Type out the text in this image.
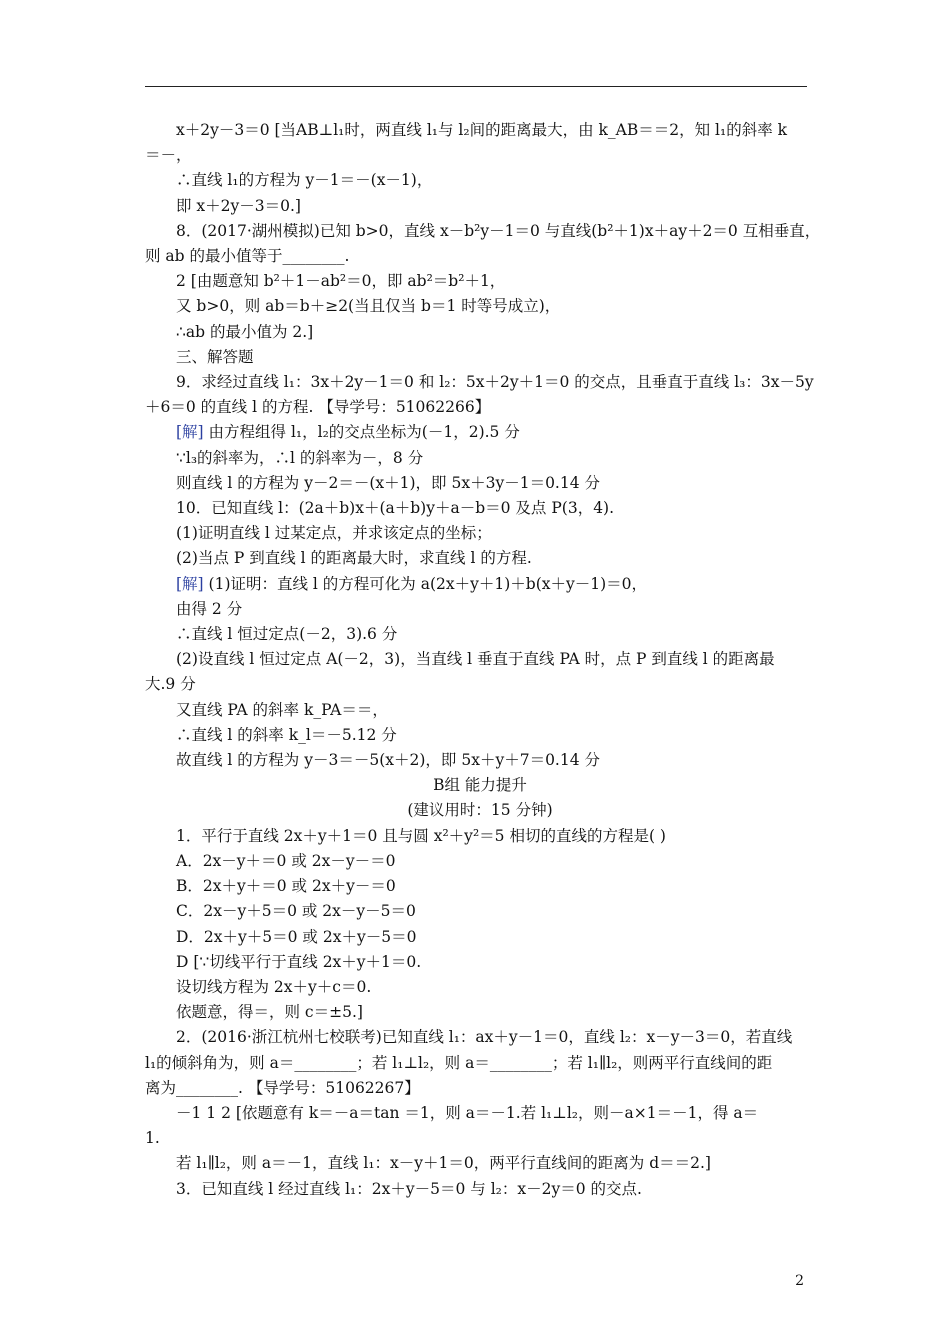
x＋2y－3＝0 [当AB⊥l₁时，两直线 l₁与 l₂间的距离最大，由 k_AB＝＝2，知 l₁的斜率 k
＝－，
∴直线 l₁的方程为 y－1＝－(x－1)，
即 x＋2y－3＝0.]
8．(2017·湖州模拟)已知 b>0，直线 x－b²y－1＝0 与直线(b²＋1)x＋ay＋2＝0 互相垂直，
则 ab 的最小值等于________.
2 [由题意知 b²＋1－ab²＝0，即 ab²＝b²＋1，
又 b>0，则 ab＝b＋≥2(当且仅当 b＝1 时等号成立)，
∴ab 的最小值为 2.]
三、解答题
9．求经过直线 l₁：3x＋2y－1＝0 和 l₂：5x＋2y＋1＝0 的交点，且垂直于直线 l₃：3x－5y
＋6＝0 的直线 l 的方程. 【导学号：51062266】
[解] 由方程组得 l₁，l₂的交点坐标为(－1，2).5 分
∵l₃的斜率为，∴l 的斜率为－，8 分
则直线 l 的方程为 y－2＝－(x＋1)，即 5x＋3y－1＝0.14 分
10．已知直线 l：(2a＋b)x＋(a＋b)y＋a－b＝0 及点 P(3，4).
(1)证明直线 l 过某定点，并求该定点的坐标；
(2)当点 P 到直线 l 的距离最大时，求直线 l 的方程.
[解] (1)证明：直线 l 的方程可化为 a(2x＋y＋1)＋b(x＋y－1)＝0，
由得 2 分
∴直线 l 恒过定点(－2，3).6 分
(2)设直线 l 恒过定点 A(－2，3)，当直线 l 垂直于直线 PA 时，点 P 到直线 l 的距离最
大.9 分
又直线 PA 的斜率 k_PA＝＝，
∴直线 l 的斜率 k_l＝－5.12 分
故直线 l 的方程为 y－3＝－5(x＋2)，即 5x＋y＋7＝0.14 分
B组 能力提升
(建议用时：15 分钟)
1．平行于直线 2x＋y＋1＝0 且与圆 x²＋y²＝5 相切的直线的方程是( )
A．2x－y＋＝0 或 2x－y－＝0
B．2x＋y＋＝0 或 2x＋y－＝0
C．2x－y＋5＝0 或 2x－y－5＝0
D．2x＋y＋5＝0 或 2x＋y－5＝0
D [∵切线平行于直线 2x＋y＋1＝0.
设切线方程为 2x＋y＋c＝0.
依题意，得＝，则 c＝±5.]
2．(2016·浙江杭州七校联考)已知直线 l₁：ax＋y－1＝0，直线 l₂：x－y－3＝0，若直线
l₁的倾斜角为，则 a＝________；若 l₁⊥l₂，则 a＝________；若 l₁∥l₂，则两平行直线间的距
离为________. 【导学号：51062267】
－1 1 2 [依题意有 k＝－a＝tan ＝1，则 a＝－1.若 l₁⊥l₂，则－a×1＝－1，得 a＝
1.
若 l₁∥l₂，则 a＝－1，直线 l₁：x－y＋1＝0，两平行直线间的距离为 d＝＝2.]
3．已知直线 l 经过直线 l₁：2x＋y－5＝0 与 l₂：x－2y＝0 的交点.
2
